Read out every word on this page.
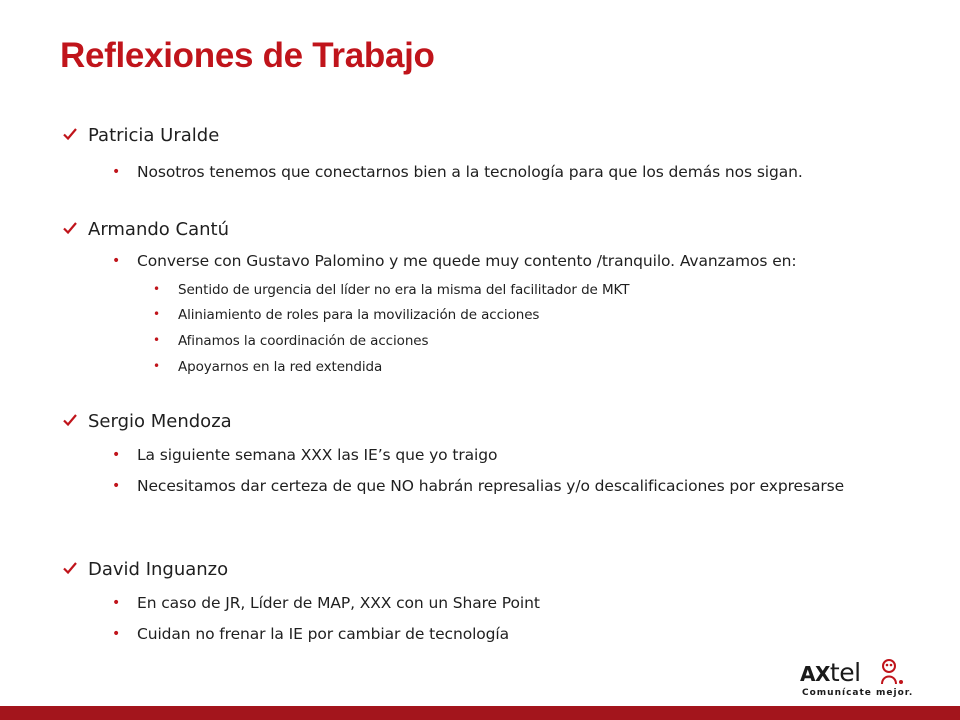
Reflexiones de Trabajo
Patricia Uralde
• Nosotros tenemos que conectarnos bien a la tecnología para que los demás nos sigan.
Armando Cantú
• Converse con Gustavo Palomino y me quede muy contento /tranquilo. Avanzamos en:
• Sentido de urgencia del líder no era la misma del facilitador de MKT
• Aliniamiento de roles para la movilización de acciones
• Afinamos la coordinación de acciones
• Apoyarnos en la red extendida
Sergio Mendoza
• La siguiente semana XXX las IE’s que yo traigo
• Necesitamos dar certeza de que NO habrán represalias y/o descalificaciones por expresarse
David Inguanzo
• En caso de JR, Líder de MAP, XXX con un Share Point
• Cuidan no frenar la IE por cambiar de tecnología
AXtel
Comunícate mejor.
